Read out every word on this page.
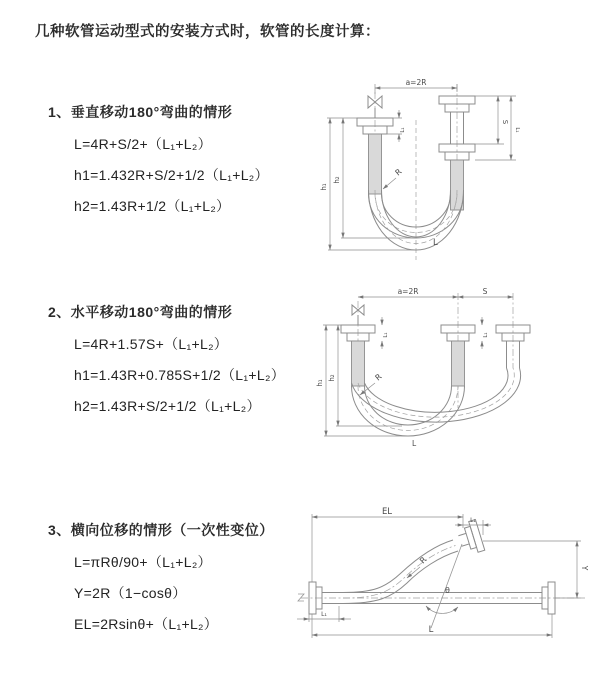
几种软管运动型式的安装方式时，软管的长度计算：

1、垂直移动180°弯曲的情形

L=4R+S/2+（L₁+L₂）

h1=1.432R+S/2+1/2（L₁+L₂）

h2=1.43R+1/2（L₁+L₂）

a=2R
R
h₁
h₂
L₁
S
L₁
L

2、水平移动180°弯曲的情形

L=4R+1.57S+（L₁+L₂）

h1=1.43R+0.785S+1/2（L₁+L₂）

h2=1.43R+S/2+1/2（L₁+L₂）

a=2R	S
R
h₁
h₂
L₁	L₁
L

3、横向位移的情形（一次性变位）

L=πRθ/90+（L₁+L₂）

Y=2R（1−cosθ）

EL=2Rsinθ+（L₁+L₂）

R
θ
EL
L₁
Y
L
L₁
